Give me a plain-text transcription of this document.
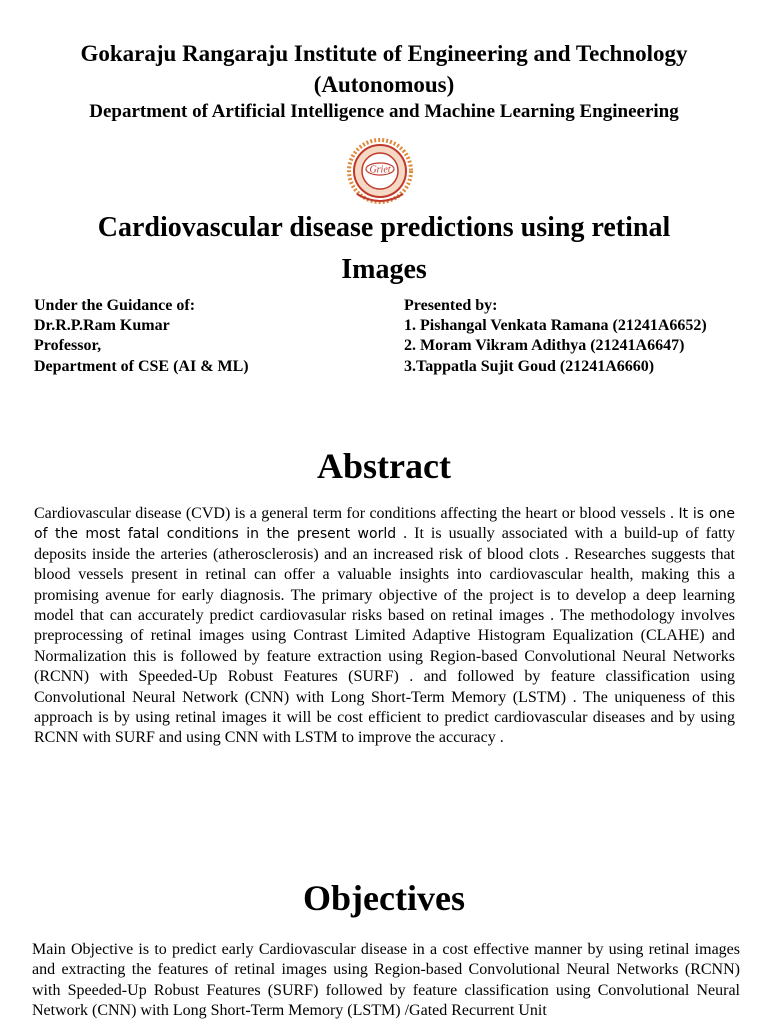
Gokaraju Rangaraju Institute of Engineering and Technology (Autonomous)
Department of Artificial Intelligence and Machine Learning Engineering
Griet
Cardiovascular disease predictions using retinal Images
Under the Guidance of:
Dr.R.P.Ram Kumar
Professor,
Department of CSE (AI & ML)
Presented by:
1. Pishangal Venkata Ramana (21241A6652)
2. Moram Vikram Adithya (21241A6647)
3.Tappatla Sujit Goud (21241A6660)
Abstract
Cardiovascular disease (CVD) is a general term for conditions affecting the heart or blood vessels . It is one of the most fatal conditions in the present world . It is usually associated with a build-up of fatty deposits inside the arteries (atherosclerosis) and an increased risk of blood clots . Researches suggests that blood vessels present in retinal can offer a valuable insights into cardiovascular health, making this a promising avenue for early diagnosis. The primary objective of the project is to develop a deep learning model that can accurately predict cardiovasular risks based on retinal images . The methodology involves preprocessing of retinal images using Contrast Limited Adaptive Histogram Equalization (CLAHE) and Normalization this is followed by feature extraction using Region-based Convolutional Neural Networks (RCNN) with Speeded-Up Robust Features (SURF) . and followed by feature classification using Convolutional Neural Network (CNN) with Long Short-Term Memory (LSTM) . The uniqueness of this approach is by using retinal images it will be cost efficient to predict cardiovascular diseases and by using RCNN with SURF and using CNN with LSTM to improve the accuracy .
Objectives
Main Objective is to predict early Cardiovascular disease in a cost effective manner by using retinal images and extracting the features of retinal images using Region-based Convolutional Neural Networks (RCNN) with Speeded-Up Robust Features (SURF) followed by feature classification using Convolutional Neural Network (CNN) with Long Short-Term Memory (LSTM) /Gated Recurrent Unit
